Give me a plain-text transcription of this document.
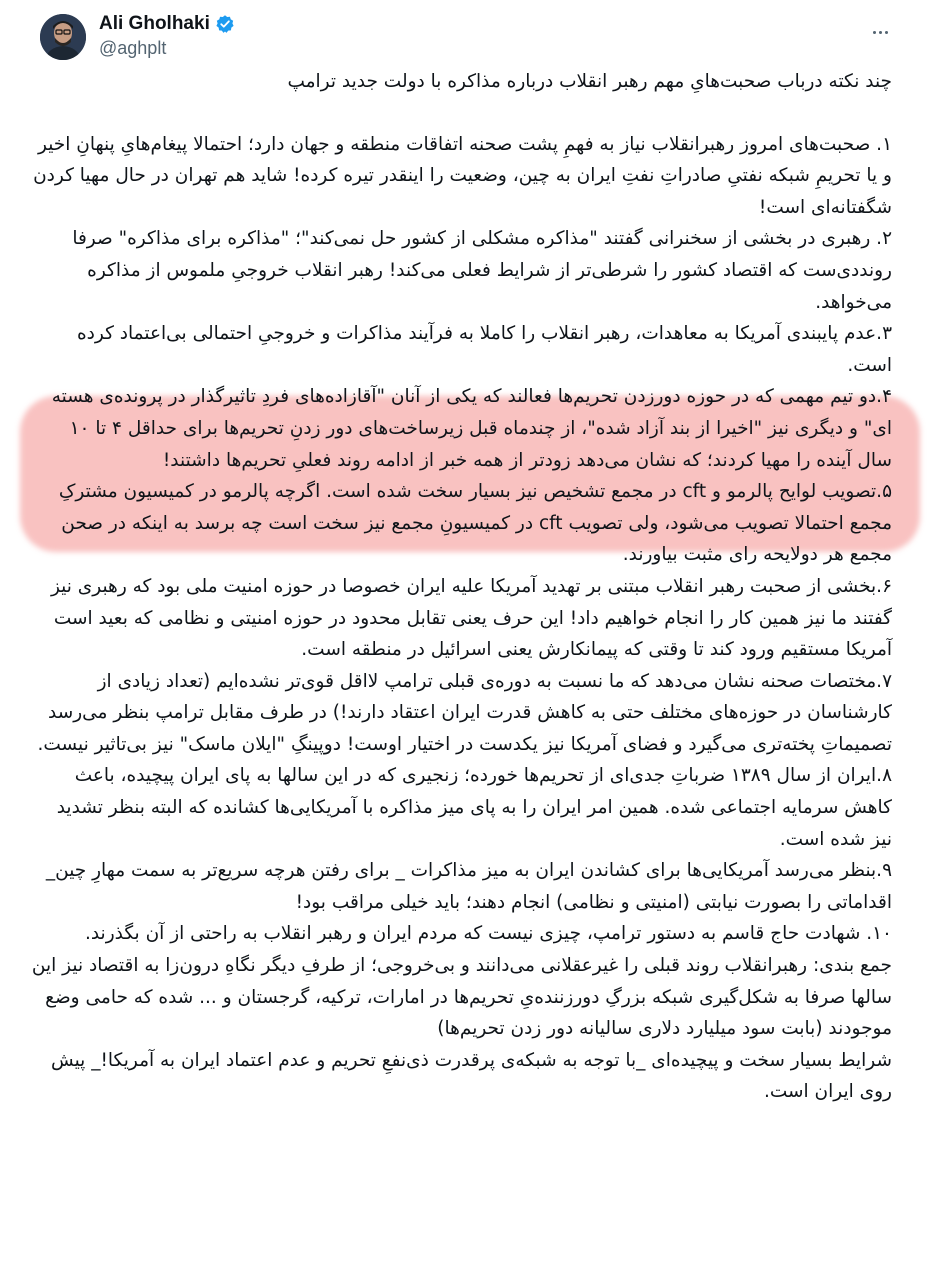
Ali Gholhaki
@aghplt

چند نکته درباب صحبت‌هایِ مهم رهبر انقلاب درباره مذاکره با دولت جدید ترامپ

۱. صحبت‌های امروز رهبرانقلاب نیاز به فهمِ پشت صحنه اتفاقات منطقه و جهان دارد؛ احتمالا پیغام‌هایِ پنهانِ اخیر و یا تحریمِ شبکه نفتیِ صادراتِ نفتِ ایران به چین، وضعیت را اینقدر تیره کرده! شاید هم تهران در حال مهیا کردن شگفتانه‌ای است!

۲. رهبری در بخشی از سخنرانی گفتند "مذاکره مشکلی از کشور حل نمی‌کند"؛ "مذاکره برای مذاکره" صرفا رونددی‌ست که اقتصاد کشور را شرطی‌تر از شرایط فعلی می‌کند! رهبر انقلاب خروجیِ ملموس از مذاکره می‌خواهد.

۳.عدم پایبندی آمریکا به معاهدات، رهبر انقلاب را کاملا به فرآیند مذاکرات و خروجیِ احتمالی بی‌اعتماد کرده است.

۴.دو تیم مهمی که در حوزه دورزدن تحریم‌ها فعالند که یکی از آنان "آقازاده‌های فردِ تاثیرگذار در پرونده‌ی هسته ای" و دیگری نیز "اخیرا از بند آزاد شده"، از چندماه قبل زیرساخت‌های دور زدنِ تحریم‌ها برای حداقل ۴ تا ۱۰ سال آینده را مهیا کردند؛ که نشان می‌دهد زودتر از همه خبر از ادامه روند فعلیِ تحریم‌ها داشتند!

۵.تصویب لوایح پالرمو و cft در مجمع تشخیص نیز بسیار سخت شده است. اگرچه پالرمو در کمیسیون مشترکِ مجمع احتمالا تصویب می‌شود، ولی تصویب cft در کمیسیونِ مجمع نیز سخت است چه برسد به اینکه در صحن مجمع هر دولایحه رای مثبت بیاورند.

۶.بخشی از صحبت رهبر انقلاب مبتنی بر تهدید آمریکا علیه ایران خصوصا در حوزه امنیت ملی بود که رهبری نیز گفتند ما نیز همین کار را انجام خواهیم داد! این حرف یعنی تقابل محدود در حوزه امنیتی و نظامی که بعید است آمریکا مستقیم ورود کند تا وقتی که پیمانکارش یعنی اسرائیل در منطقه است.

۷.مختصات صحنه نشان می‌دهد که ما نسبت به دوره‌ی قبلی ترامپ لااقل قوی‌تر نشده‌ایم (تعداد زیادی از کارشناسان در حوزه‌های مختلف حتی به کاهش قدرت ایران اعتقاد دارند!) در طرف مقابل ترامپ بنظر می‌رسد تصمیماتِ پخته‌تری می‌گیرد و فضای آمریکا نیز یکدست در اختیار اوست! دوپینگِ "ایلان ماسک" نیز بی‌تاثیر نیست.

۸.ایران از سال ۱۳۸۹ ضرباتِ جدی‌ای از تحریم‌ها خورده؛ زنجیری که در این سالها به پای ایران پیچیده، باعث کاهش سرمایه اجتماعی شده. همین امر ایران را به پای میز مذاکره با آمریکایی‌ها کشانده که البته بنظر تشدید نیز شده است.

۹.بنظر می‌رسد آمریکایی‌ها برای کشاندن ایران به میز مذاکرات _ برای رفتن هرچه سریع‌تر به سمت مهارِ چین_ اقداماتی را بصورت نیابتی (امنیتی و نظامی) انجام دهند؛ باید خیلی مراقب بود!

۱۰. شهادت حاج قاسم به دستور ترامپ، چیزی نیست که مردم ایران و رهبر انقلاب به راحتی از آن بگذرند.

جمع بندی: رهبرانقلاب روند قبلی را غیرعقلانی می‌دانند و بی‌خروجی؛ از طرفِ دیگر نگاهِ درون‌زا به اقتصاد نیز این سالها صرفا به شکل‌گیری شبکه بزرگِ دورزننده‌یِ تحریم‌ها در امارات، ترکیه، گرجستان و ... شده که حامی وضع موجودند (بابت سود میلیارد دلاری سالیانه دور زدن تحریم‌ها)

شرایط بسیار سخت و پیچیده‌ای _با توجه به شبکه‌ی پرقدرت ذی‌نفعِ تحریم و عدم اعتماد ایران به آمریکا!_ پیش روی ایران است.
